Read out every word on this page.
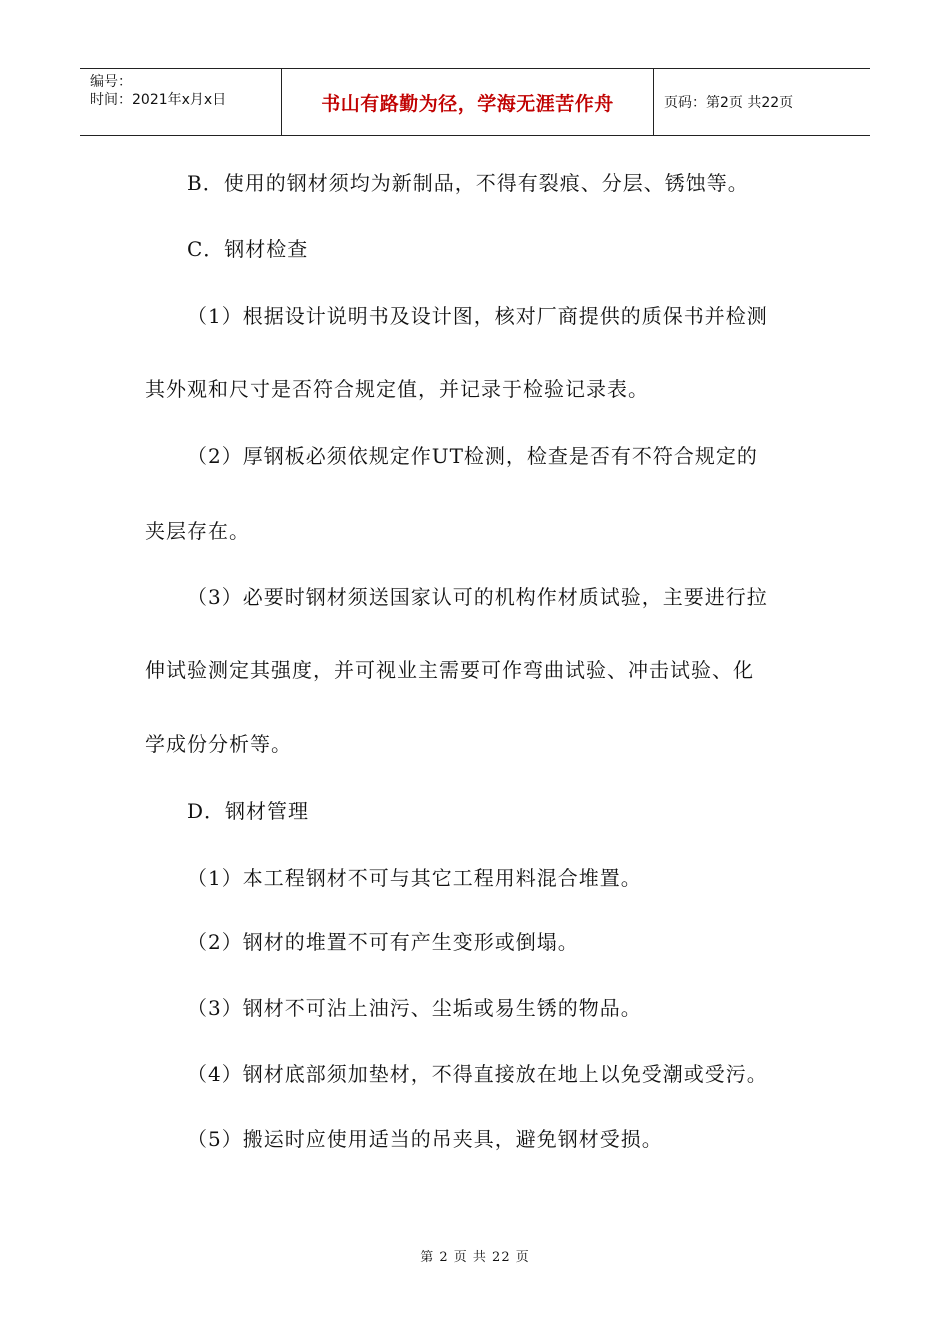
编号：
时间：2021年x月x日	书山有路勤为径，学海无涯苦作舟	页码：第2页 共22页
B．使用的钢材须均为新制品，不得有裂痕、分层、锈蚀等。
C．钢材检查
（1）根据设计说明书及设计图，核对厂商提供的质保书并检测
其外观和尺寸是否符合规定值，并记录于检验记录表。
（2）厚钢板必须依规定作UT检测，检查是否有不符合规定的
夹层存在。
（3）必要时钢材须送国家认可的机构作材质试验，主要进行拉
伸试验测定其强度，并可视业主需要可作弯曲试验、冲击试验、化
学成份分析等。
D．钢材管理
（1）本工程钢材不可与其它工程用料混合堆置。
（2）钢材的堆置不可有产生变形或倒塌。
（3）钢材不可沾上油污、尘垢或易生锈的物品。
（4）钢材底部须加垫材，不得直接放在地上以免受潮或受污。
（5）搬运时应使用适当的吊夹具，避免钢材受损。
第 2 页 共 22 页
